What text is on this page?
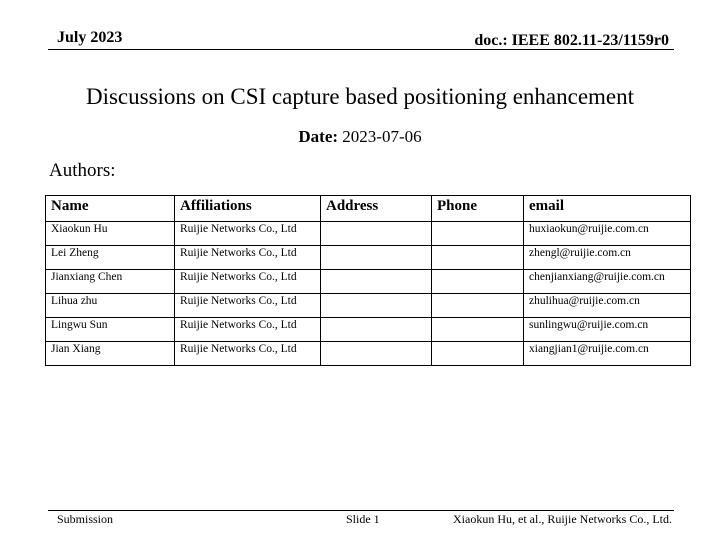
July 2023	doc.: IEEE 802.11-23/1159r0
Discussions on CSI capture based positioning enhancement
Date: 2023-07-06
Authors:
Name	Affiliations	Address	Phone	email
Xiaokun Hu	Ruijie Networks Co., Ltd			huxiaokun@ruijie.com.cn
Lei Zheng	Ruijie Networks Co., Ltd			zhengl@ruijie.com.cn
Jianxiang Chen	Ruijie Networks Co., Ltd			chenjianxiang@ruijie.com.cn
Lihua zhu	Ruijie Networks Co., Ltd			zhulihua@ruijie.com.cn
Lingwu Sun	Ruijie Networks Co., Ltd			sunlingwu@ruijie.com.cn
Jian Xiang	Ruijie Networks Co., Ltd			xiangjian1@ruijie.com.cn
Submission	Slide 1	Xiaokun Hu, et al., Ruijie Networks Co., Ltd.
